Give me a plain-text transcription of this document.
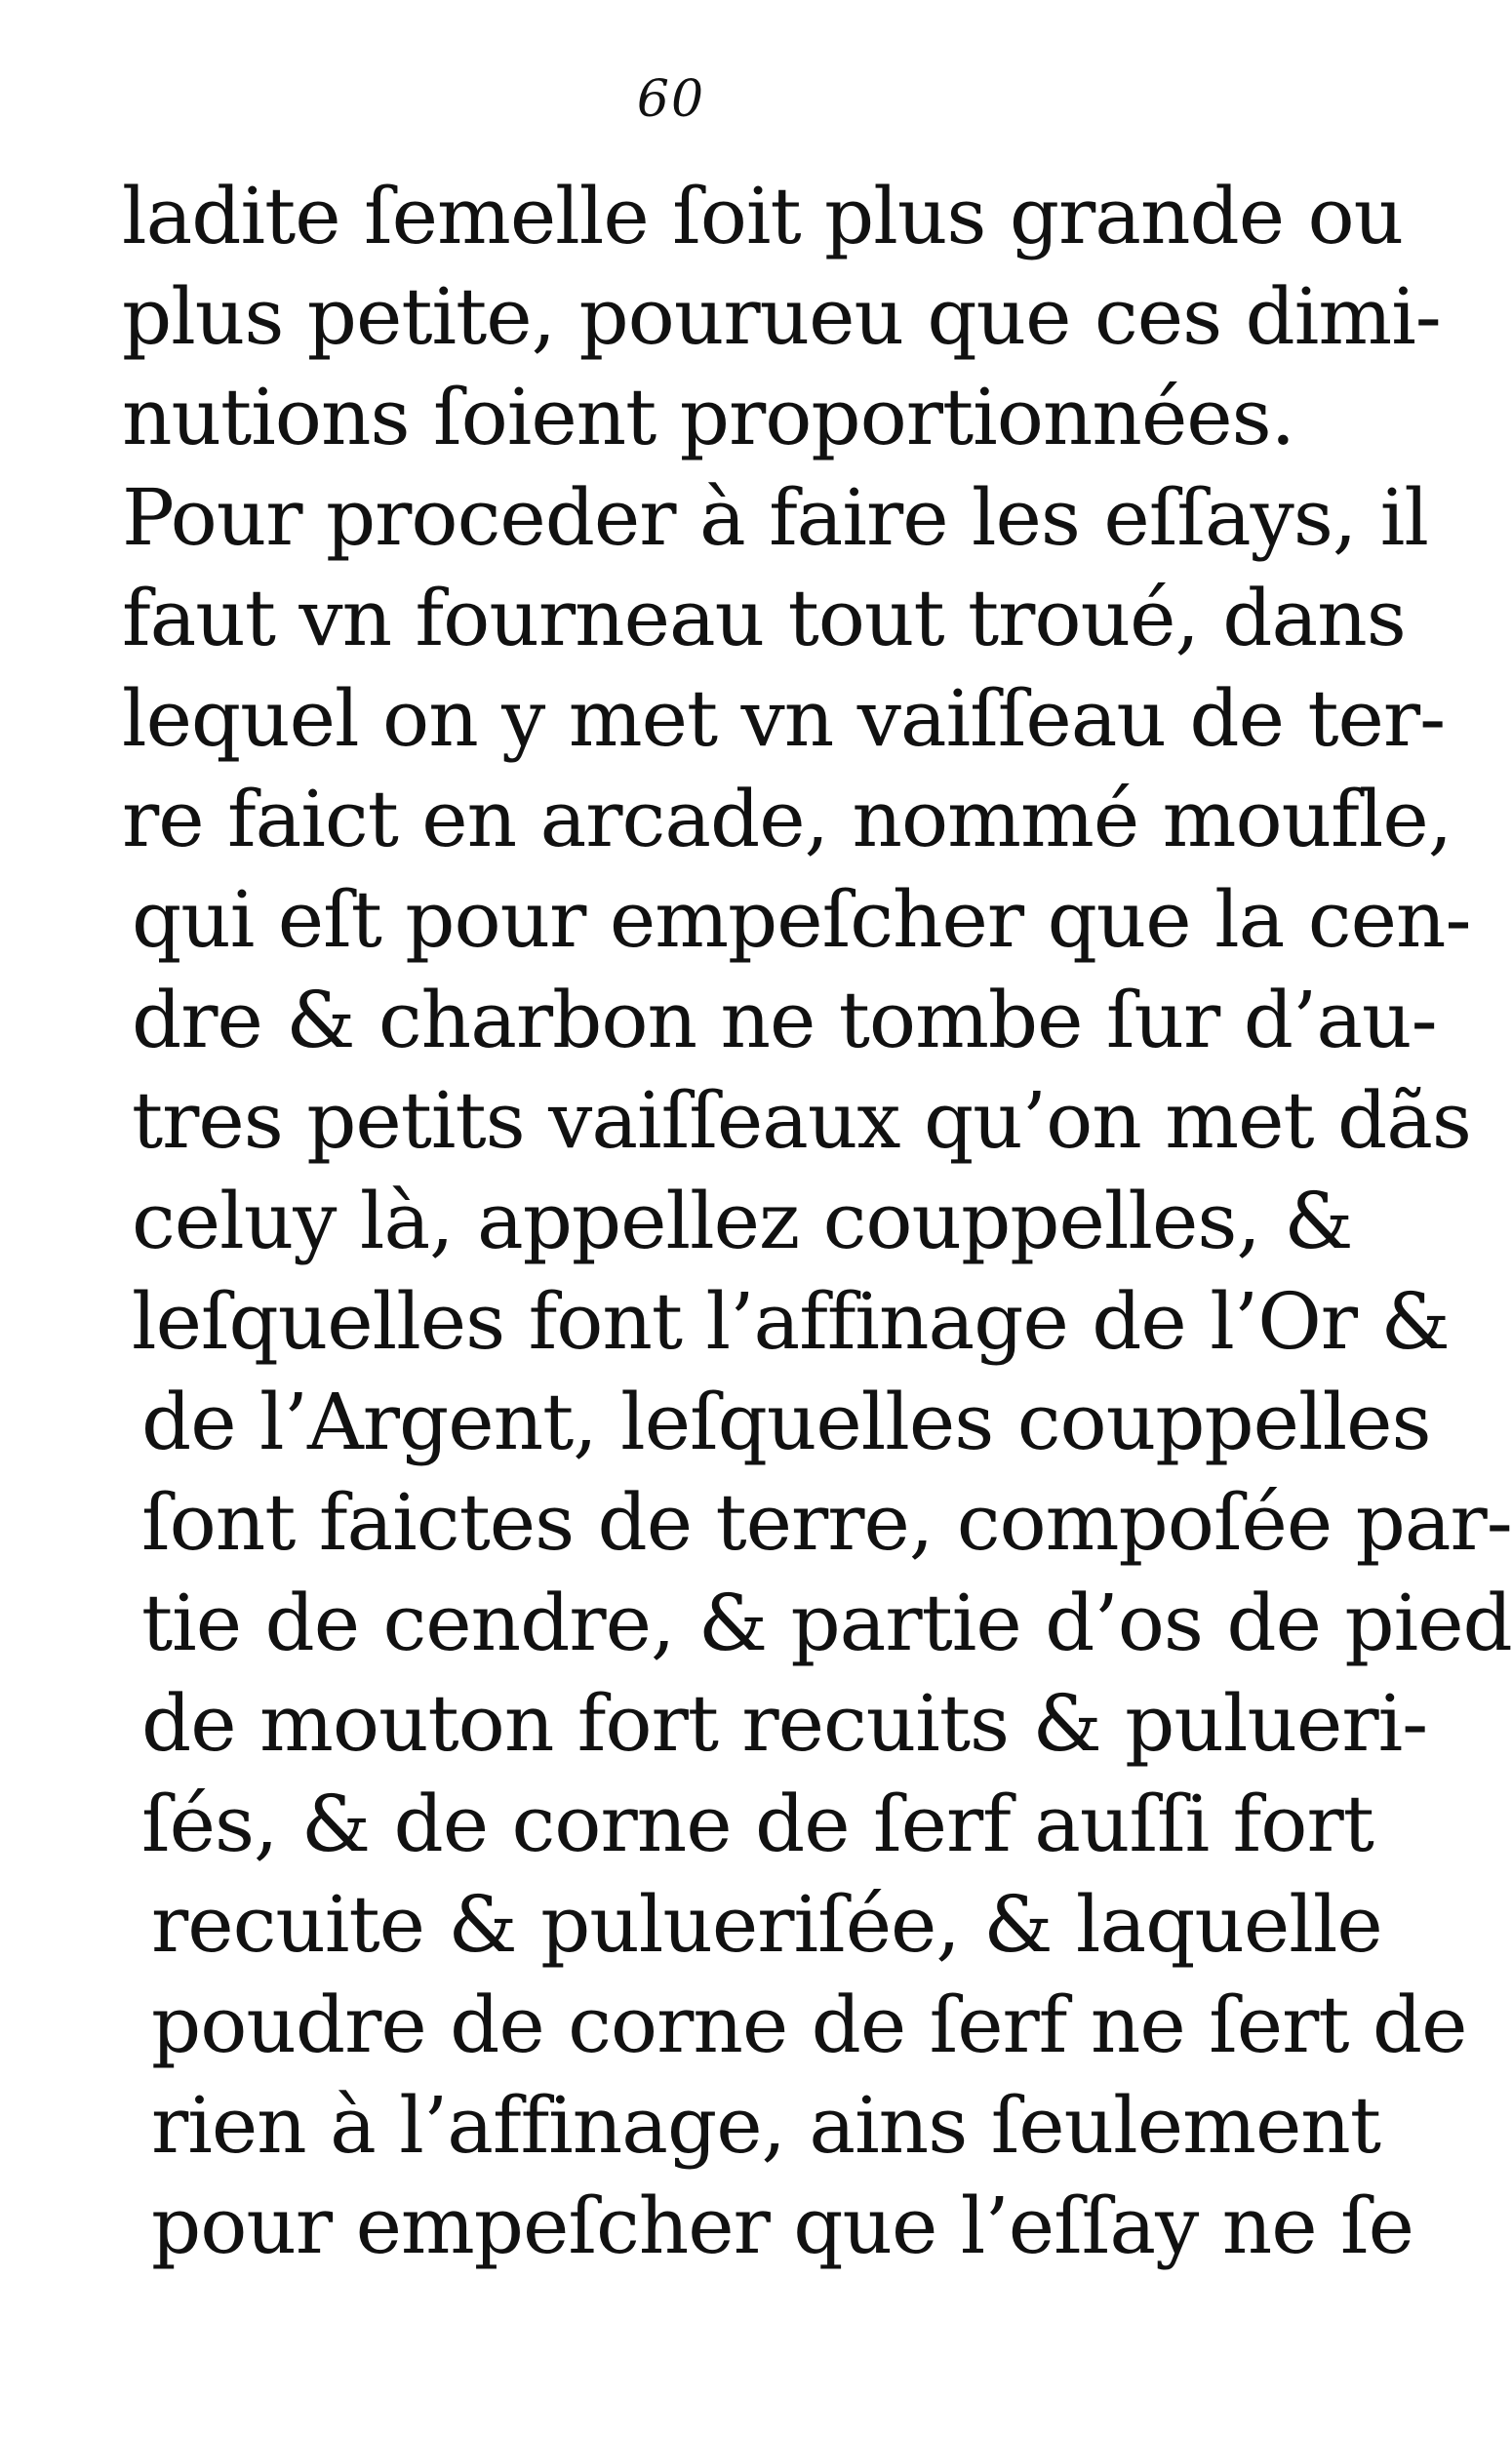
60
ladite ſemelle ſoit plus grande ou
plus petite, pourueu que ces dimi-
nutions ſoient proportionnées.
Pour proceder à faire les eſſays, il
faut vn fourneau tout troué, dans
lequel on y met vn vaiſſeau de ter-
re faict en arcade, nommé moufle,
qui eſt pour empeſcher que la cen-
dre & charbon ne tombe ſur d’au-
tres petits vaiſſeaux qu’on met dãs
celuy là, appellez couppelles, &
leſquelles font l’affinage de l’Or &
de l’Argent, leſquelles couppelles
ſont faictes de terre, compoſée par-
tie de cendre, & partie d’os de pied
de mouton fort recuits & pulueri-
ſés, & de corne de ſerf auſſi fort
recuite & pulueriſée, & laquelle
poudre de corne de ſerf ne ſert de
rien à l’affinage, ains ſeulement
pour empeſcher que l’eſſay ne ſe
